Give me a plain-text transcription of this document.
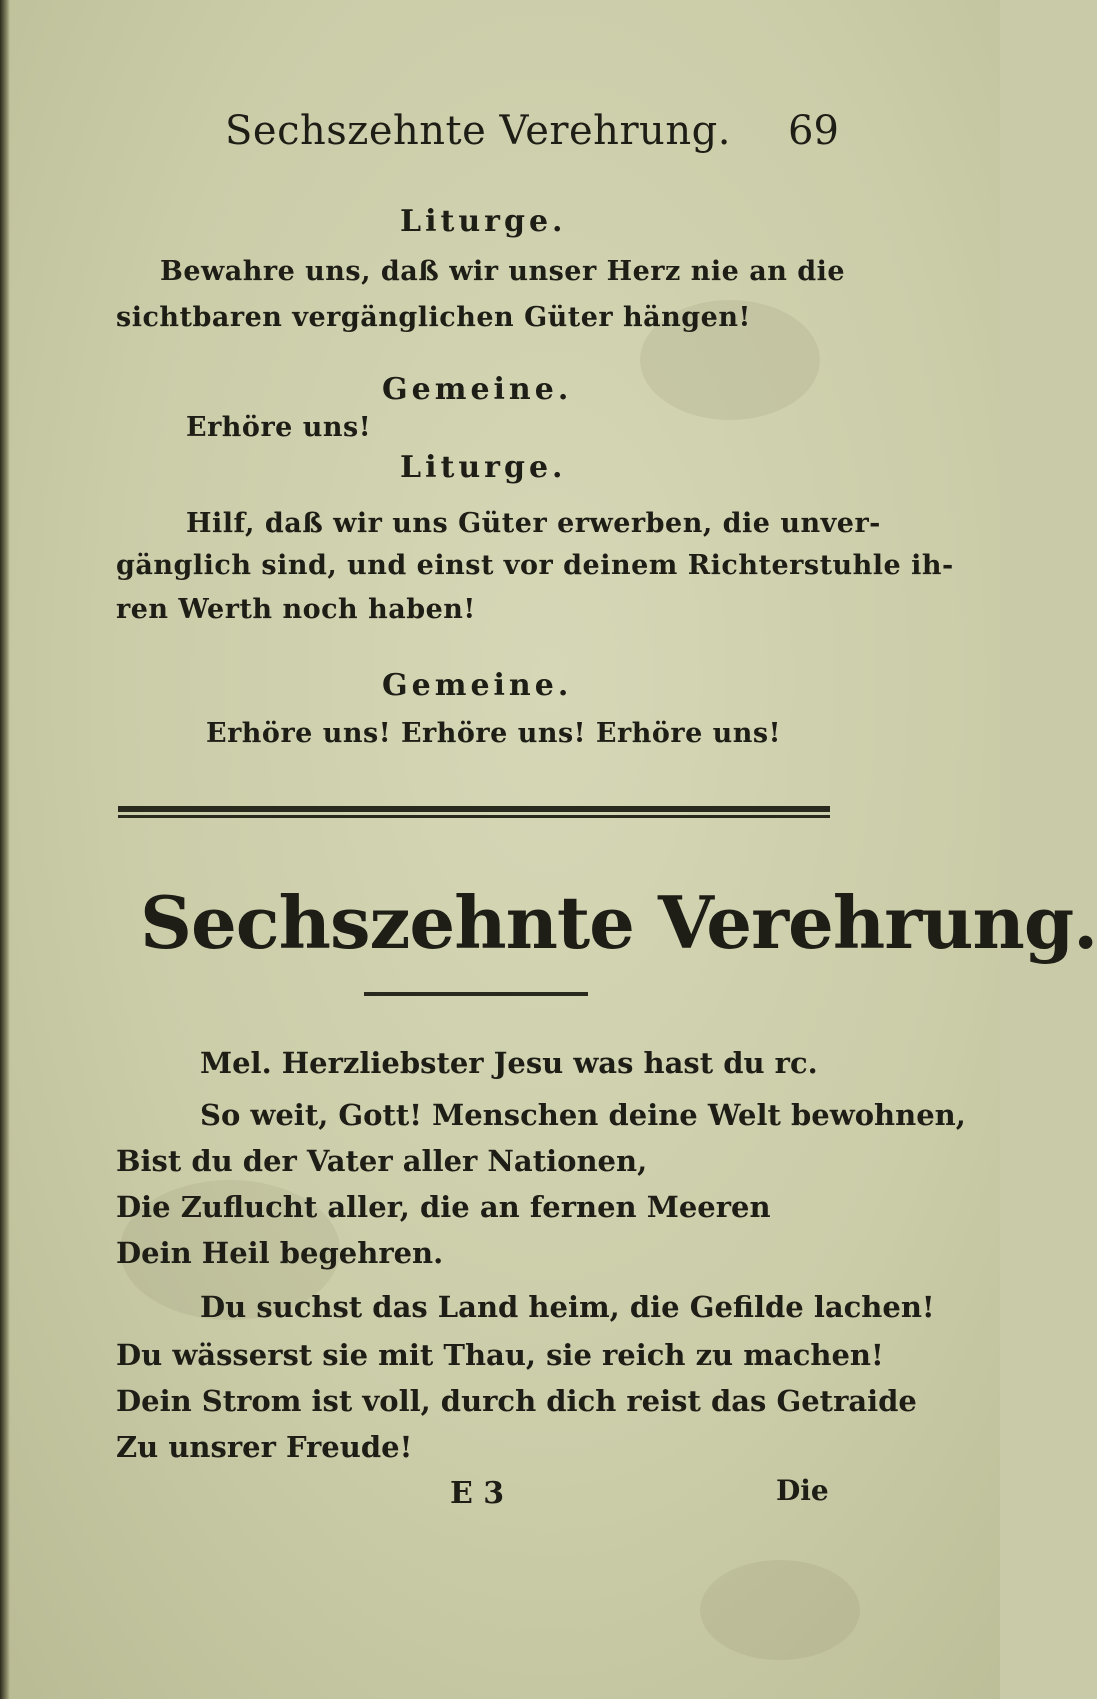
Sechszehnte Verehrung. 69
Liturge.
Bewahre uns, daß wir unser Herz nie an die
sichtbaren vergänglichen Güter hängen!
Gemeine.
Erhöre uns!
Liturge.
Hilf, daß wir uns Güter erwerben, die unver-
gänglich sind, und einst vor deinem Richterstuhle ih-
ren Werth noch haben!
Gemeine.
Erhöre uns! Erhöre uns! Erhöre uns!
Sechszehnte Verehrung.
Mel. Herzliebster Jesu was hast du rc.
So weit, Gott! Menschen deine Welt bewohnen,
Bist du der Vater aller Nationen,
Die Zuflucht aller, die an fernen Meeren
Dein Heil begehren.
Du suchst das Land heim, die Gefilde lachen!
Du wässerst sie mit Thau, sie reich zu machen!
Dein Strom ist voll, durch dich reist das Getraide
Zu unsrer Freude!
E 3	Die
